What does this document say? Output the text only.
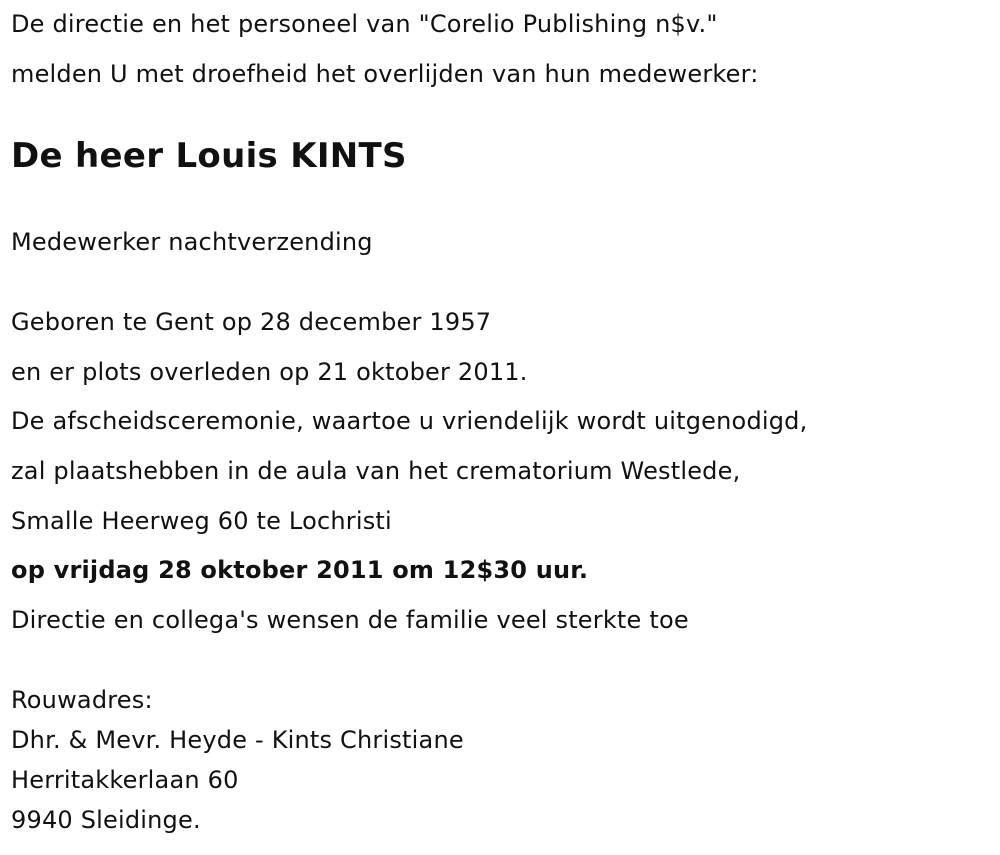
De directie en het personeel van "Corelio Publishing n$v."
melden U met droefheid het overlijden van hun medewerker:
De heer Louis KINTS
Medewerker nachtverzending
Geboren te Gent op 28 december 1957
en er plots overleden op 21 oktober 2011.
De afscheidsceremonie, waartoe u vriendelijk wordt uitgenodigd,
zal plaatshebben in de aula van het crematorium Westlede,
Smalle Heerweg 60 te Lochristi
op vrijdag 28 oktober 2011 om 12$30 uur.
Directie en collega's wensen de familie veel sterkte toe
Rouwadres:
Dhr. & Mevr. Heyde - Kints Christiane
Herritakkerlaan 60
9940 Sleidinge.
